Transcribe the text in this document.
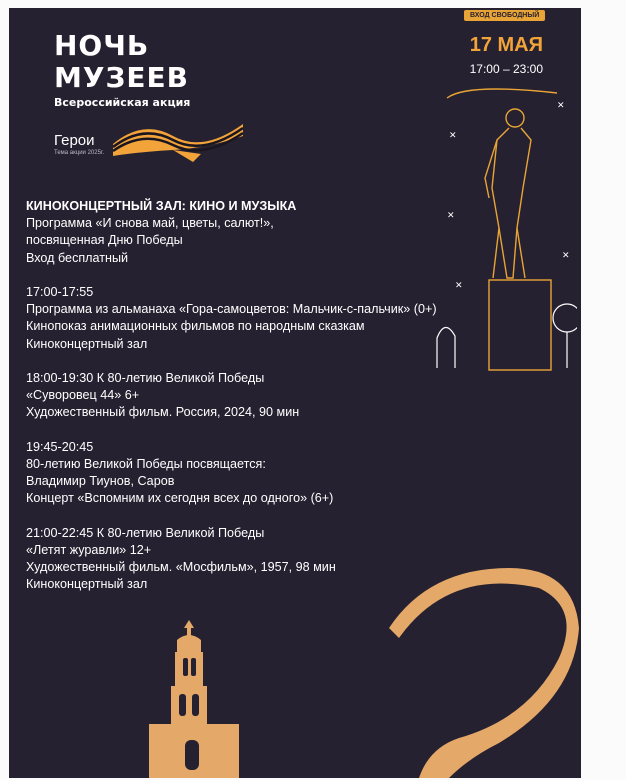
НОЧЬ
МУЗЕЕВ
Всероссийская акция
Герои
Тема акции 2025г.
ВХОД СВОБОДНЫЙ
17 МАЯ
17:00 – 23:00
✕
✕
✕
✕
✕
КИНОКОНЦЕРТНЫЙ ЗАЛ: КИНО И МУЗЫКА
Программа «И снова май, цветы, салют!»,
посвященная Дню Победы
Вход бесплатный
17:00-17:55
Программа из альманаха «Гора-самоцветов: Мальчик-с-пальчик» (0+)
Кинопоказ анимационных фильмов по народным сказкам
Киноконцертный зал
18:00-19:30 К 80-летию Великой Победы
«Суворовец 44» 6+
Художественный фильм. Россия, 2024, 90 мин
19:45-20:45
80-летию Великой Победы посвящается:
Владимир Тиунов, Саров
Концерт «Вспомним их сегодня всех до одного» (6+)
21:00-22:45 К 80-летию Великой Победы
«Летят журавли» 12+
Художественный фильм. «Мосфильм», 1957, 98 мин
Киноконцертный зал
